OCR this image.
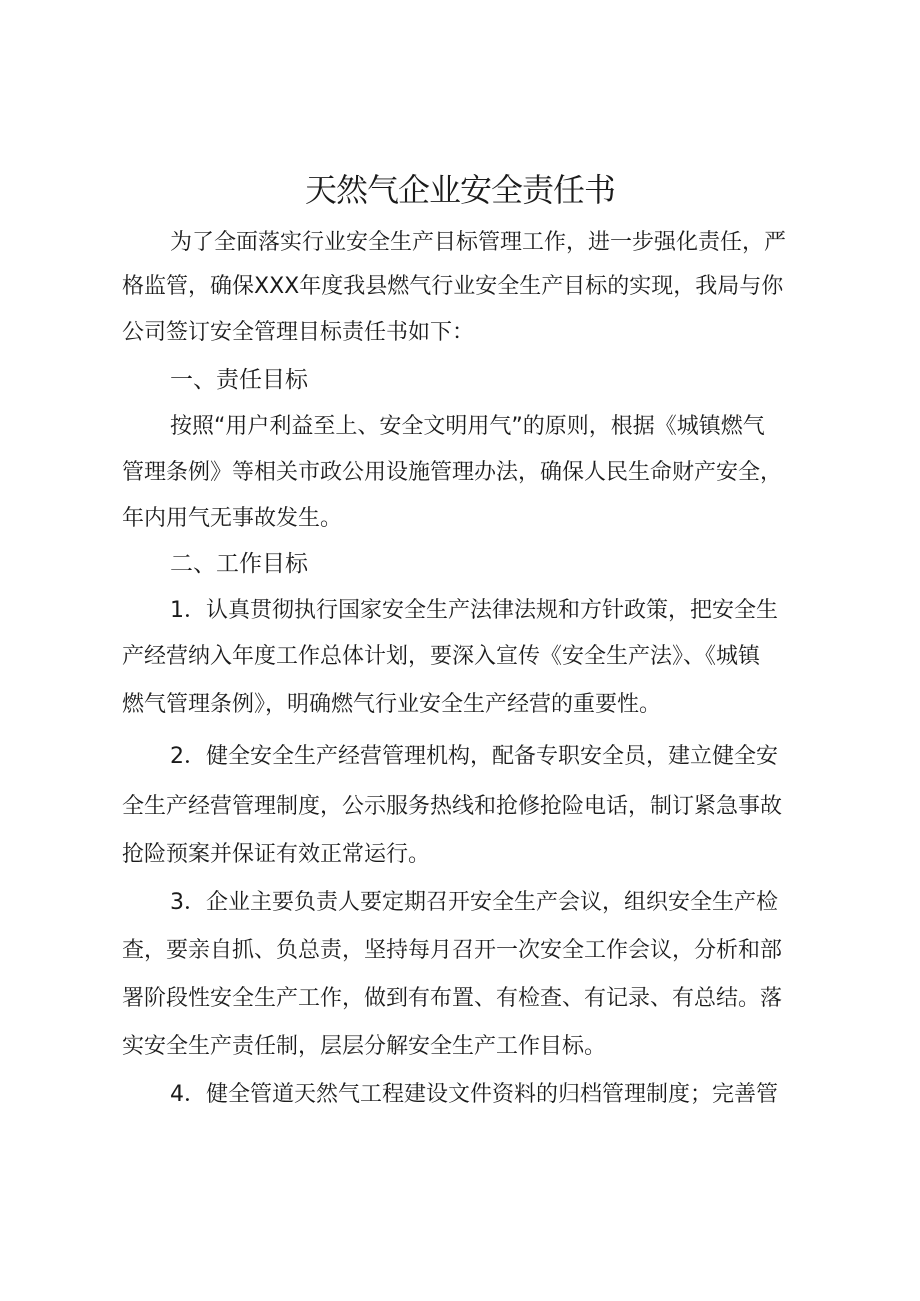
天然气企业安全责任书
为了全面落实行业安全生产目标管理工作，进一步强化责任，严
格监管，确保XXX年度我县燃气行业安全生产目标的实现，我局与你
公司签订安全管理目标责任书如下：
一、责任目标
按照“用户利益至上、安全文明用气”的原则，根据《城镇燃气
管理条例》等相关市政公用设施管理办法，确保人民生命财产安全，
年内用气无事故发生。
二、工作目标
1．认真贯彻执行国家安全生产法律法规和方针政策，把安全生
产经营纳入年度工作总体计划，要深入宣传《安全生产法》、《城镇
燃气管理条例》，明确燃气行业安全生产经营的重要性。
2．健全安全生产经营管理机构，配备专职安全员，建立健全安
全生产经营管理制度，公示服务热线和抢修抢险电话，制订紧急事故
抢险预案并保证有效正常运行。
3．企业主要负责人要定期召开安全生产会议，组织安全生产检
查，要亲自抓、负总责，坚持每月召开一次安全工作会议，分析和部
署阶段性安全生产工作，做到有布置、有检查、有记录、有总结。落
实安全生产责任制，层层分解安全生产工作目标。
4．健全管道天然气工程建设文件资料的归档管理制度；完善管
